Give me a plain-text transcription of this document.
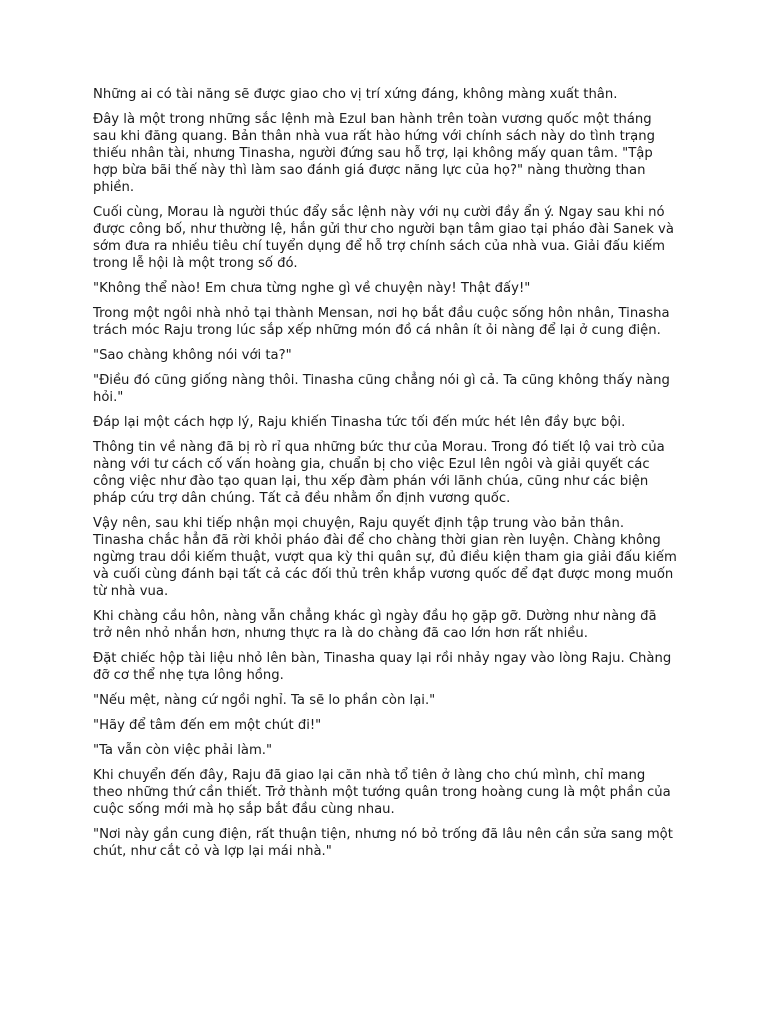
Những ai có tài năng sẽ được giao cho vị trí xứng đáng, không màng xuất thân.

Đây là một trong những sắc lệnh mà Ezul ban hành trên toàn vương quốc một tháng sau khi đăng quang. Bản thân nhà vua rất hào hứng với chính sách này do tình trạng thiếu nhân tài, nhưng Tinasha, người đứng sau hỗ trợ, lại không mấy quan tâm. "Tập hợp bừa bãi thế này thì làm sao đánh giá được năng lực của họ?" nàng thường than phiền.

Cuối cùng, Morau là người thúc đẩy sắc lệnh này với nụ cười đầy ẩn ý. Ngay sau khi nó được công bố, như thường lệ, hắn gửi thư cho người bạn tâm giao tại pháo đài Sanek và sớm đưa ra nhiều tiêu chí tuyển dụng để hỗ trợ chính sách của nhà vua. Giải đấu kiếm trong lễ hội là một trong số đó.

"Không thể nào! Em chưa từng nghe gì về chuyện này! Thật đấy!"

Trong một ngôi nhà nhỏ tại thành Mensan, nơi họ bắt đầu cuộc sống hôn nhân, Tinasha trách móc Raju trong lúc sắp xếp những món đồ cá nhân ít ỏi nàng để lại ở cung điện.

"Sao chàng không nói với ta?"

"Điều đó cũng giống nàng thôi. Tinasha cũng chẳng nói gì cả. Ta cũng không thấy nàng hỏi."

Đáp lại một cách hợp lý, Raju khiến Tinasha tức tối đến mức hét lên đầy bực bội.

Thông tin về nàng đã bị rò rỉ qua những bức thư của Morau. Trong đó tiết lộ vai trò của nàng với tư cách cố vấn hoàng gia, chuẩn bị cho việc Ezul lên ngôi và giải quyết các công việc như đào tạo quan lại, thu xếp đàm phán với lãnh chúa, cũng như các biện pháp cứu trợ dân chúng. Tất cả đều nhằm ổn định vương quốc.

Vậy nên, sau khi tiếp nhận mọi chuyện, Raju quyết định tập trung vào bản thân. Tinasha chắc hẳn đã rời khỏi pháo đài để cho chàng thời gian rèn luyện. Chàng không ngừng trau dồi kiếm thuật, vượt qua kỳ thi quân sự, đủ điều kiện tham gia giải đấu kiếm và cuối cùng đánh bại tất cả các đối thủ trên khắp vương quốc để đạt được mong muốn từ nhà vua.

Khi chàng cầu hôn, nàng vẫn chẳng khác gì ngày đầu họ gặp gỡ. Dường như nàng đã trở nên nhỏ nhắn hơn, nhưng thực ra là do chàng đã cao lớn hơn rất nhiều.

Đặt chiếc hộp tài liệu nhỏ lên bàn, Tinasha quay lại rồi nhảy ngay vào lòng Raju. Chàng đỡ cơ thể nhẹ tựa lông hồng.

"Nếu mệt, nàng cứ ngồi nghỉ. Ta sẽ lo phần còn lại."

"Hãy để tâm đến em một chút đi!"

"Ta vẫn còn việc phải làm."

Khi chuyển đến đây, Raju đã giao lại căn nhà tổ tiên ở làng cho chú mình, chỉ mang theo những thứ cần thiết. Trở thành một tướng quân trong hoàng cung là một phần của cuộc sống mới mà họ sắp bắt đầu cùng nhau.

"Nơi này gần cung điện, rất thuận tiện, nhưng nó bỏ trống đã lâu nên cần sửa sang một chút, như cắt cỏ và lợp lại mái nhà."
